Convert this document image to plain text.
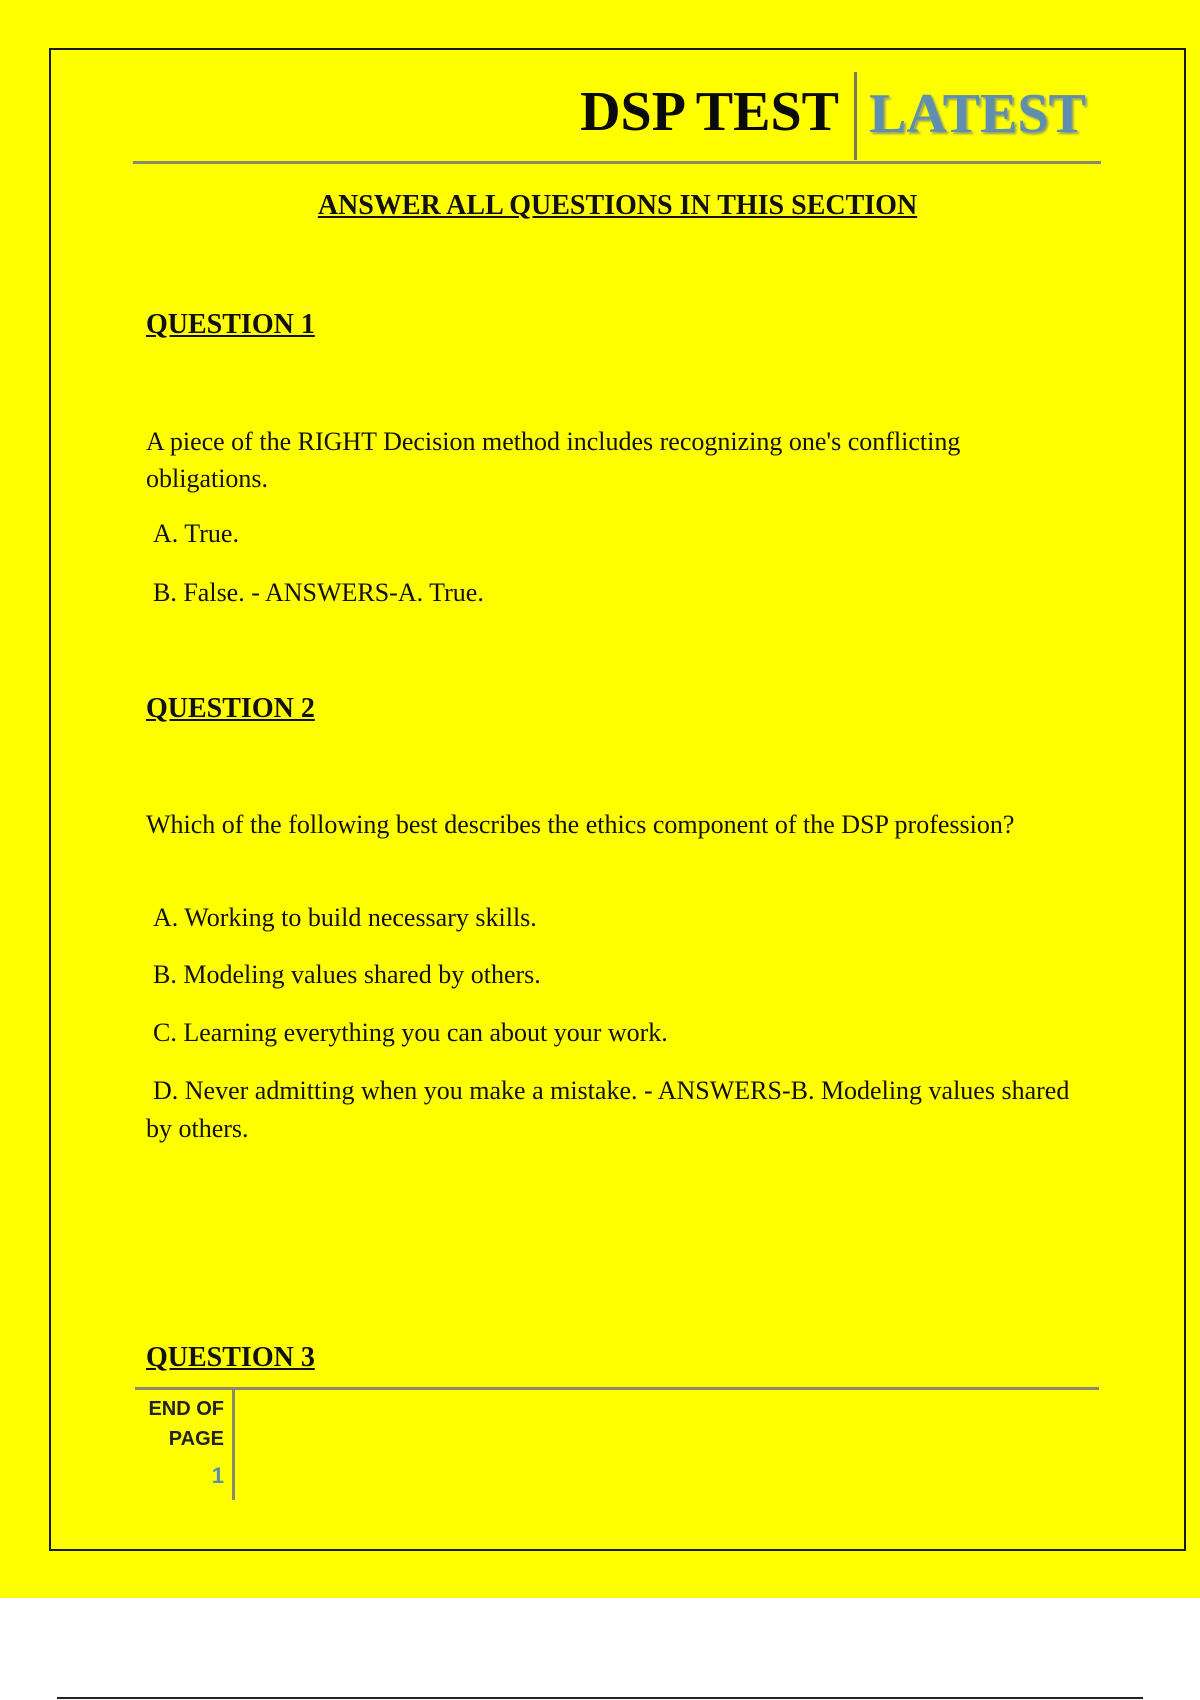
DSP TEST LATEST
ANSWER ALL QUESTIONS IN THIS SECTION
QUESTION 1
A piece of the RIGHT Decision method includes recognizing one's conflicting obligations.
A. True.
B. False. - ANSWERS-A. True.
QUESTION 2
Which of the following best describes the ethics component of the DSP profession?
A. Working to build necessary skills.
B. Modeling values shared by others.
C. Learning everything you can about your work.
D. Never admitting when you make a mistake. - ANSWERS-B. Modeling values shared by others.
QUESTION 3
END OF PAGE
1
